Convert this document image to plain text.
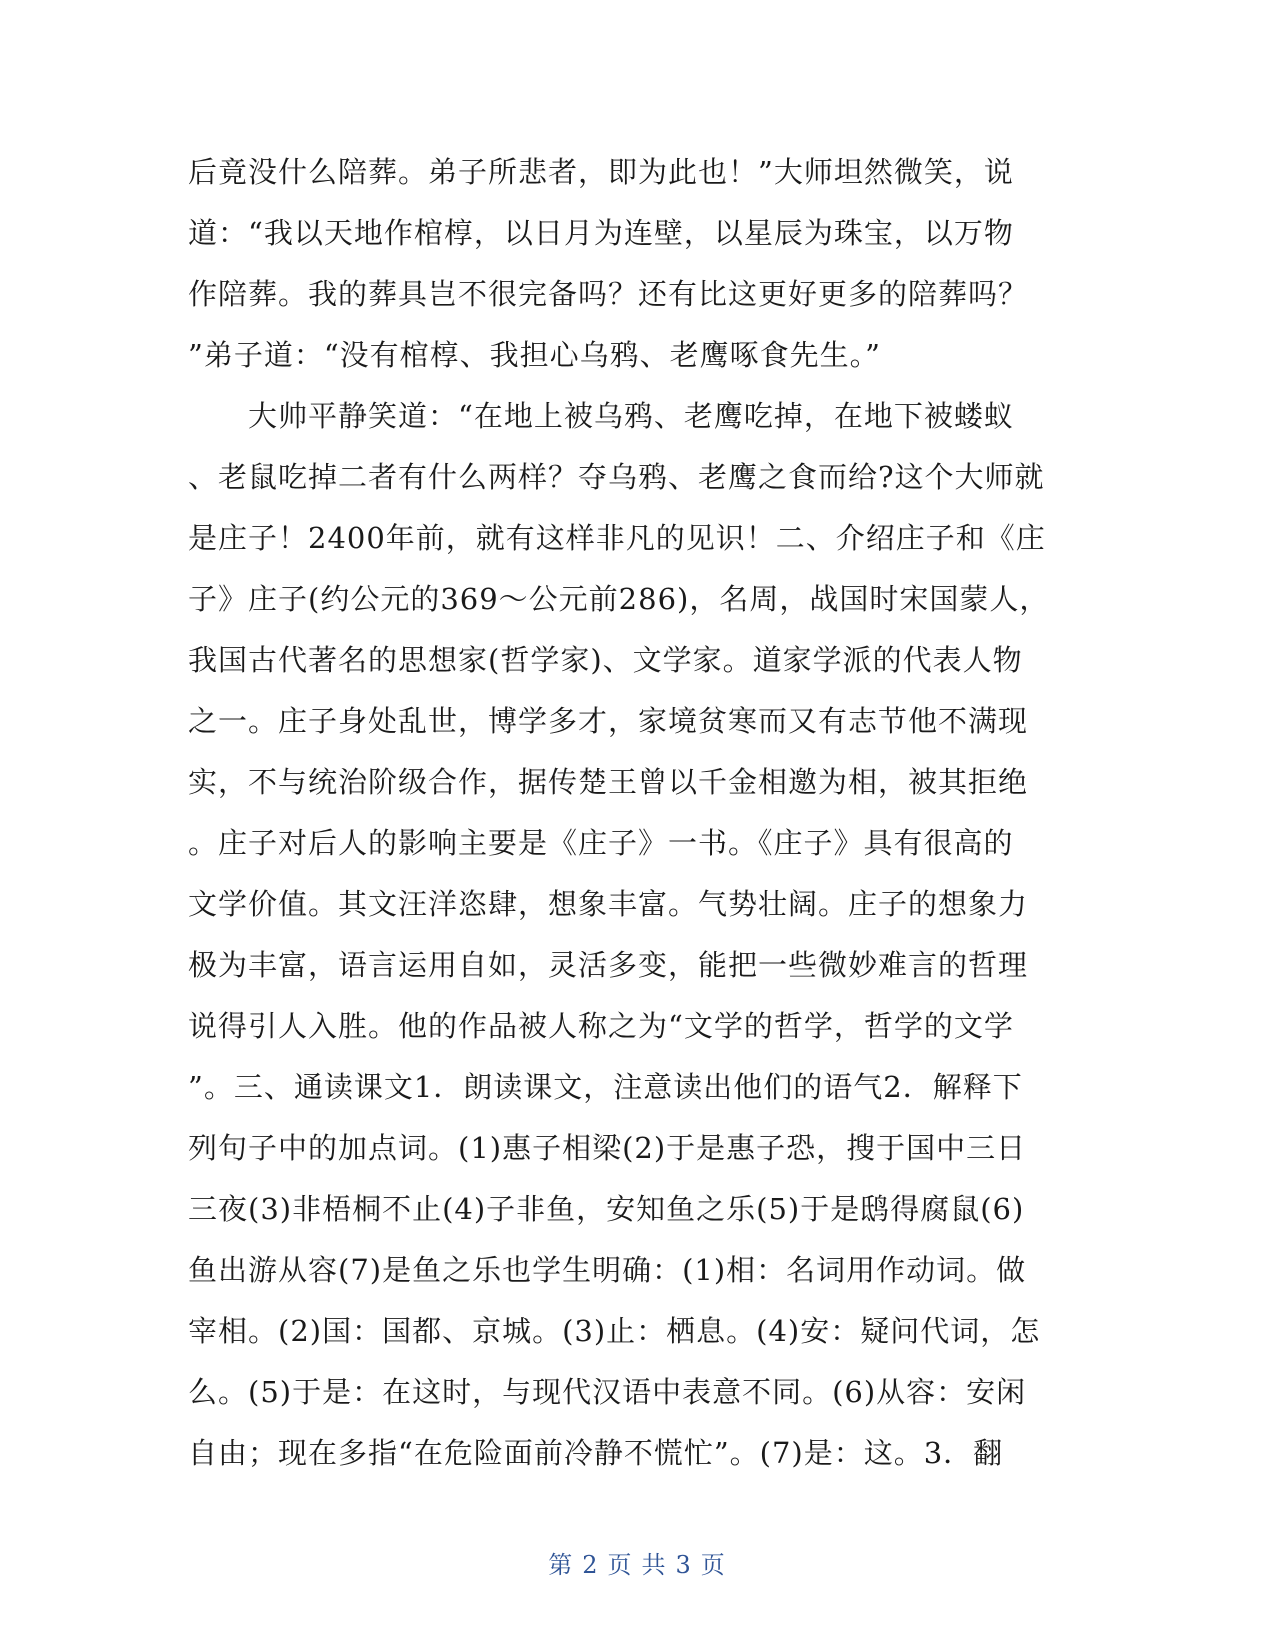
后竟没什么陪葬。弟子所悲者，即为此也！”大师坦然微笑，说
道：“我以天地作棺椁，以日月为连壁，以星辰为珠宝，以万物
作陪葬。我的葬具岂不很完备吗？还有比这更好更多的陪葬吗？
”弟子道：“没有棺椁、我担心乌鸦、老鹰啄食先生。”
大帅平静笑道：“在地上被乌鸦、老鹰吃掉，在地下被蝼蚁
、老鼠吃掉二者有什么两样？夺乌鸦、老鹰之食而给?这个大师就
是庄子！2400年前，就有这样非凡的见识！二、介绍庄子和《庄
子》庄子(约公元的369～公元前286)，名周，战国时宋国蒙人，
我国古代著名的思想家(哲学家)、文学家。道家学派的代表人物
之一。庄子身处乱世，博学多才，家境贫寒而又有志节他不满现
实，不与统治阶级合作，据传楚王曾以千金相邀为相，被其拒绝
。庄子对后人的影响主要是《庄子》一书。《庄子》具有很高的
文学价值。其文汪洋恣肆，想象丰富。气势壮阔。庄子的想象力
极为丰富，语言运用自如，灵活多变，能把一些微妙难言的哲理
说得引人入胜。他的作品被人称之为“文学的哲学，哲学的文学
”。三、通读课文1．朗读课文，注意读出他们的语气2．解释下
列句子中的加点词。(1)惠子相梁(2)于是惠子恐，搜于国中三日
三夜(3)非梧桐不止(4)子非鱼，安知鱼之乐(5)于是鸱得腐鼠(6)
鱼出游从容(7)是鱼之乐也学生明确：(1)相：名词用作动词。做
宰相。(2)国：国都、京城。(3)止：栖息。(4)安：疑问代词，怎
么。(5)于是：在这时，与现代汉语中表意不同。(6)从容：安闲
自由；现在多指“在危险面前冷静不慌忙”。(7)是：这。3．翻
第 2 页 共 3 页
